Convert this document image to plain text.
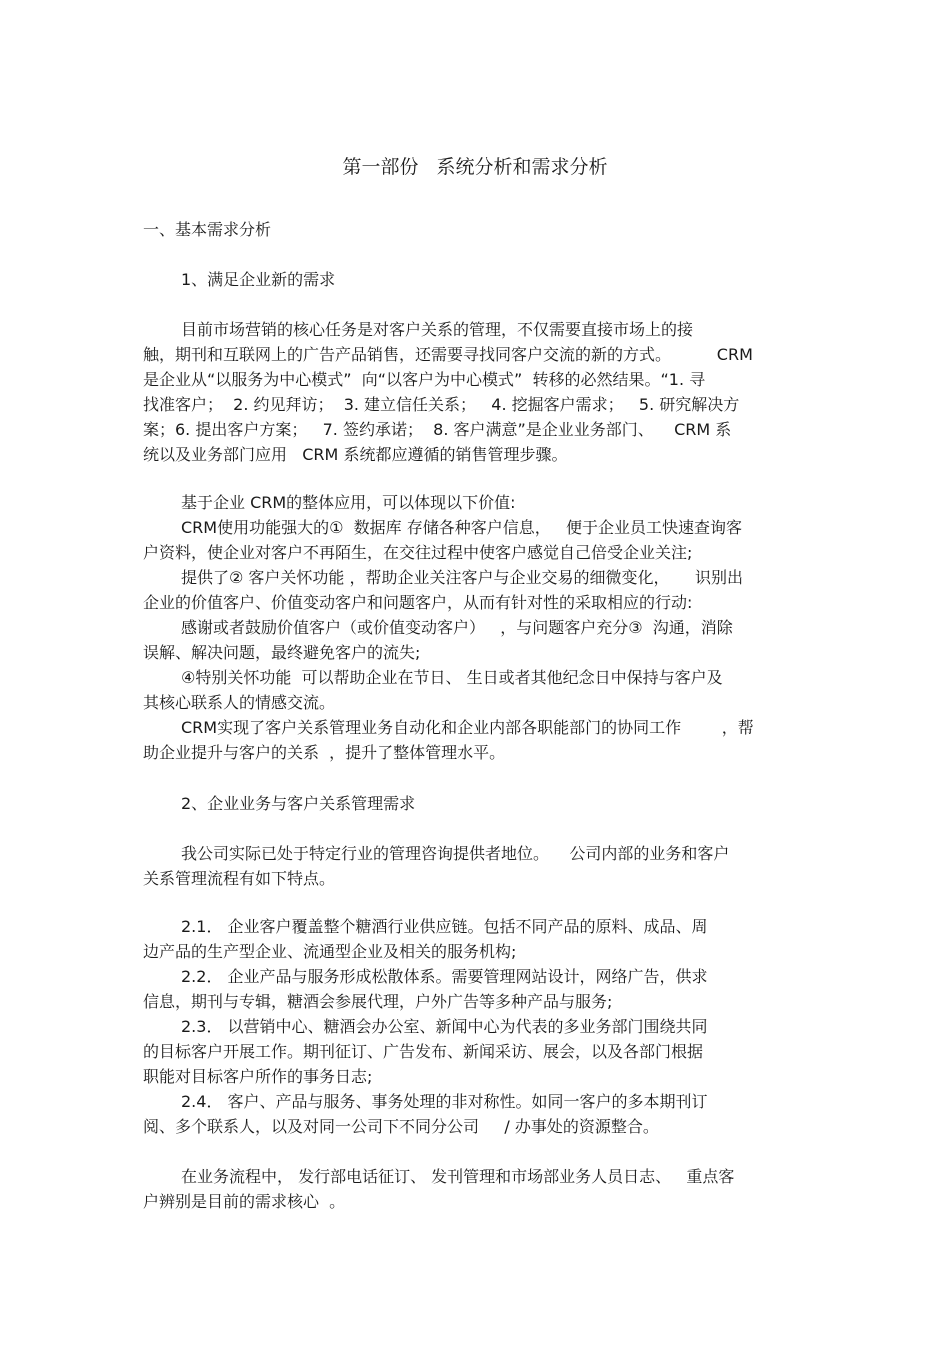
第一部份   系统分析和需求分析
一、基本需求分析
1、满足企业新的需求
目前市场营销的核心任务是对客户关系的管理，不仅需要直接市场上的接
触，期刊和互联网上的广告产品销售，还需要寻找同客户交流的新的方式。         CRM
是企业从“以服务为中心模式”  向“以客户为中心模式”  转移的必然结果。“1. 寻
找准客户；  2. 约见拜访；  3. 建立信任关系；   4. 挖掘客户需求；   5. 研究解决方
案；6. 提出客户方案；   7. 签约承诺；  8. 客户满意”是企业业务部门、    CRM 系
统以及业务部门应用   CRM 系统都应遵循的销售管理步骤。
基于企业 CRM的整体应用，可以体现以下价值:
CRM使用功能强大的①  数据库 存储各种客户信息，   便于企业员工快速查询客
户资料，使企业对客户不再陌生，在交往过程中使客户感觉自己倍受企业关注;
提供了② 客户关怀功能 ，帮助企业关注客户与企业交易的细微变化，     识别出
企业的价值客户、价值变动客户和问题客户，从而有针对性的采取相应的行动:
感谢或者鼓励价值客户（或价值变动客户）   ，与问题客户充分③  沟通，消除
误解、解决问题，最终避免客户的流失;
④特别关怀功能  可以帮助企业在节日、 生日或者其他纪念日中保持与客户及
其核心联系人的情感交流。
CRM实现了客户关系管理业务自动化和企业内部各职能部门的协同工作        ，帮
助企业提升与客户的关系  ，提升了整体管理水平。
2、企业业务与客户关系管理需求
我公司实际已处于特定行业的管理咨询提供者地位。    公司内部的业务和客户
关系管理流程有如下特点。
2.1． 企业客户覆盖整个糖酒行业供应链。包括不同产品的原料、成品、周
边产品的生产型企业、流通型企业及相关的服务机构;
2.2． 企业产品与服务形成松散体系。需要管理网站设计，网络广告，供求
信息，期刊与专辑，糖酒会参展代理，户外广告等多种产品与服务;
2.3． 以营销中心、糖酒会办公室、新闻中心为代表的多业务部门围绕共同
的目标客户开展工作。期刊征订、广告发布、新闻采访、展会，以及各部门根据
职能对目标客户所作的事务日志;
2.4． 客户、产品与服务、事务处理的非对称性。如同一客户的多本期刊订
阅、多个联系人，以及对同一公司下不同分公司     / 办事处的资源整合。
在业务流程中， 发行部电话征订、 发刊管理和市场部业务人员日志、   重点客
户辨别是目前的需求核心  。
